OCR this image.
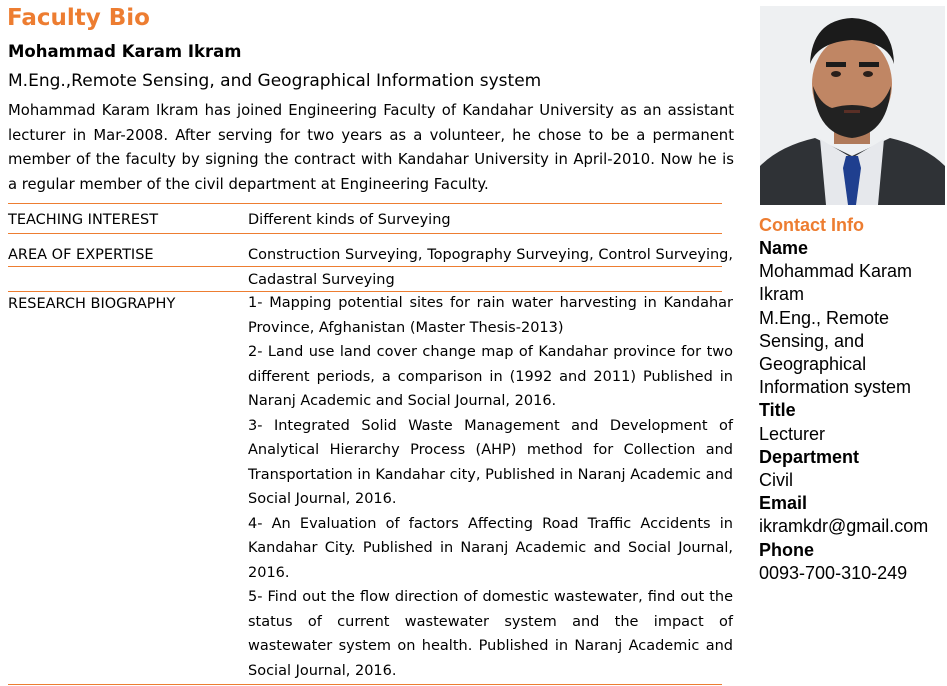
Faculty Bio
Mohammad Karam Ikram
M.Eng.,Remote Sensing, and Geographical Information system

Mohammad Karam Ikram has joined Engineering Faculty of Kandahar University as an assistant lecturer in Mar-2008. After serving for two years as a volunteer, he chose to be a permanent member of the faculty by signing the contract with Kandahar University in April-2010. Now he is a regular member of the civil department at Engineering Faculty.

TEACHING INTEREST	Different kinds of Surveying
AREA OF EXPERTISE	Construction Surveying, Topography Surveying, Control Surveying, Cadastral Surveying
RESEARCH BIOGRAPHY	1- Mapping potential sites for rain water harvesting in Kandahar Province, Afghanistan (Master Thesis-2013)
2- Land use land cover change map of Kandahar province for two different periods, a comparison in (1992 and 2011) Published in Naranj Academic and Social Journal, 2016.
3- Integrated Solid Waste Management and Development of Analytical Hierarchy Process (AHP) method for Collection and Transportation in Kandahar city, Published in Naranj Academic and Social Journal, 2016.
4- An Evaluation of factors Affecting Road Traffic Accidents in Kandahar City. Published in Naranj Academic and Social Journal, 2016.
5- Find out the flow direction of domestic wastewater, find out the status of current wastewater system and the impact of wastewater system on health. Published in Naranj Academic and Social Journal, 2016.
Contact Info
Name
Mohammad Karam Ikram
M.Eng., Remote Sensing, and Geographical Information system
Title
Lecturer
Department
Civil
Email
ikramkdr@gmail.com
Phone
0093-700-310-249
